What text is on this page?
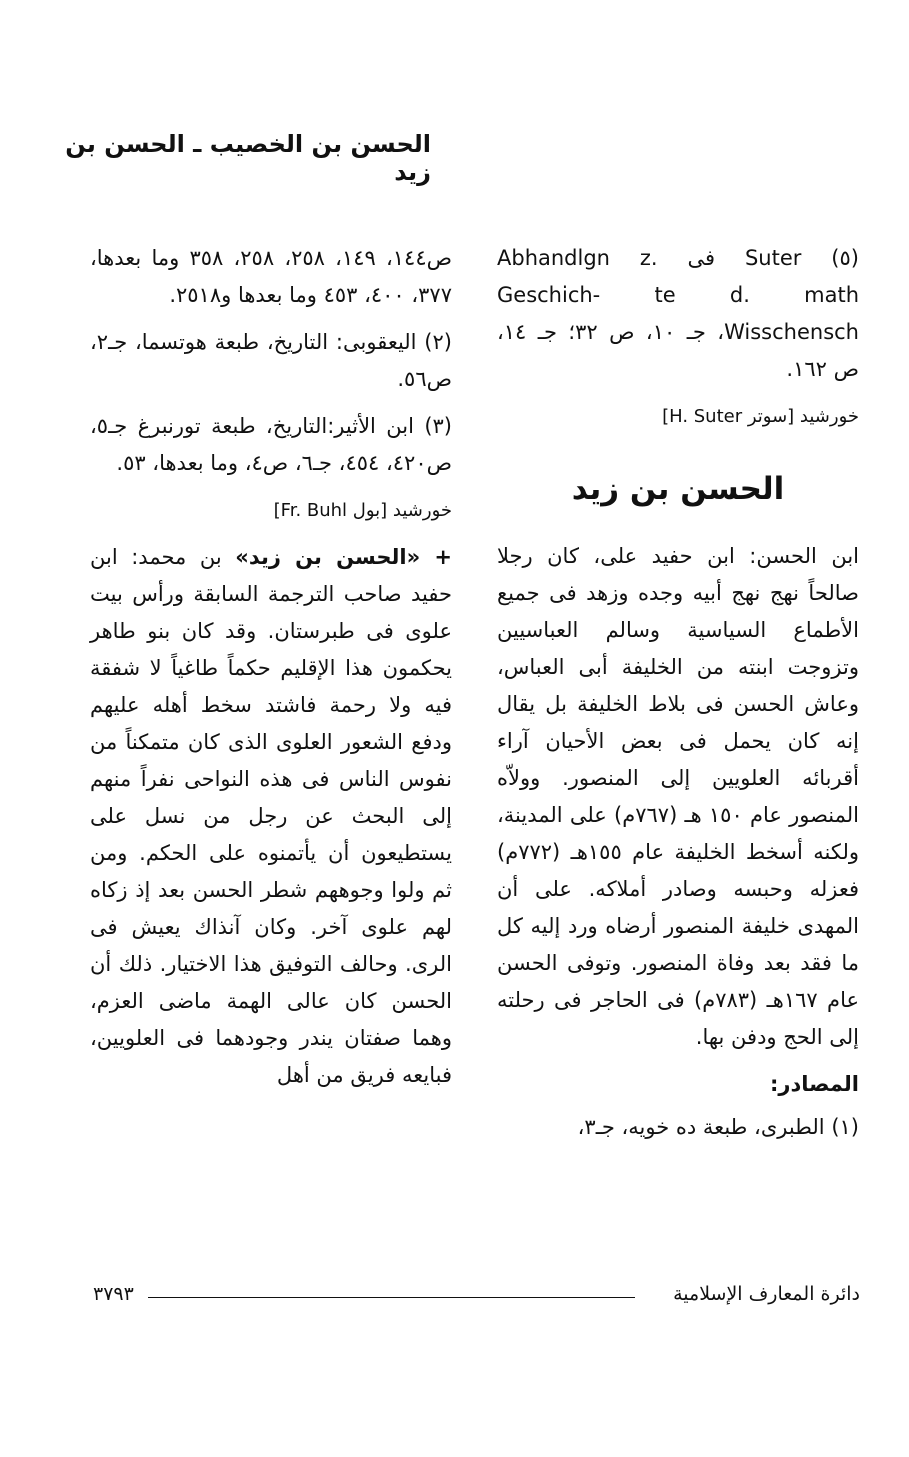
الحسن بن الخصيب ـ الحسن بن زيد

(٥) Suter فى Abhandlgn z. Geschich- te d. math Wisschensch، جـ ١٠، ص ٣٢؛ جـ ١٤، ص ١٦٢.

خورشيد [سوتر H. Suter]

الحسن بن زيد

ابن الحسن: ابن حفيد على، كان رجلا صالحاً نهج نهج أبيه وجده وزهد فى جميع الأطماع السياسية وسالم العباسيين وتزوجت ابنته من الخليفة أبى العباس، وعاش الحسن فى بلاط الخليفة بل يقال إنه كان يحمل فى بعض الأحيان آراء أقربائه العلويين إلى المنصور. وولاّه المنصور عام ١٥٠ هـ (٧٦٧م) على المدينة، ولكنه أسخط الخليفة عام ١٥٥هـ (٧٧٢م) فعزله وحبسه وصادر أملاكه. على أن المهدى خليفة المنصور أرضاه ورد إليه كل ما فقد بعد وفاة المنصور. وتوفى الحسن عام ١٦٧هـ (٧٨٣م) فى الحاجر فى رحلته إلى الحج ودفن بها.

المصادر:

(١) الطبرى، طبعة ده خويه، جـ٣،

ص١٤٤، ١٤٩، ٢٥٨، ٢٥٨، ٣٥٨ وما بعدها، ٣٧٧، ٤٠٠، ٤٥٣ وما بعدها و٢٥١٨.

(٢) اليعقوبى: التاريخ، طبعة هوتسما، جـ٢، ص٥٦.

(٣) ابن الأثير:التاريخ، طبعة تورنبرغ جـ٥، ص٤٢٠، ٤٥٤، جـ٦، ص٤، وما بعدها، ٥٣.

خورشيد [بول Fr. Buhl]

+ «الحسن بن زيد» بن محمد: ابن حفيد صاحب الترجمة السابقة ورأس بيت علوى فى طبرستان. وقد كان بنو طاهر يحكمون هذا الإقليم حكماً طاغياً لا شفقة فيه ولا رحمة فاشتد سخط أهله عليهم ودفع الشعور العلوى الذى كان متمكناً من نفوس الناس فى هذه النواحى نفراً منهم إلى البحث عن رجل من نسل على يستطيعون أن يأتمنوه على الحكم. ومن ثم ولوا وجوههم شطر الحسن بعد إذ زكاه لهم علوى آخر. وكان آنذاك يعيش فى الرى. وحالف التوفيق هذا الاختيار. ذلك أن الحسن كان عالى الهمة ماضى العزم، وهما صفتان يندر وجودهما فى العلويين، فبايعه فريق من أهل

دائرة المعارف الإسلامية
٣٧٩٣
